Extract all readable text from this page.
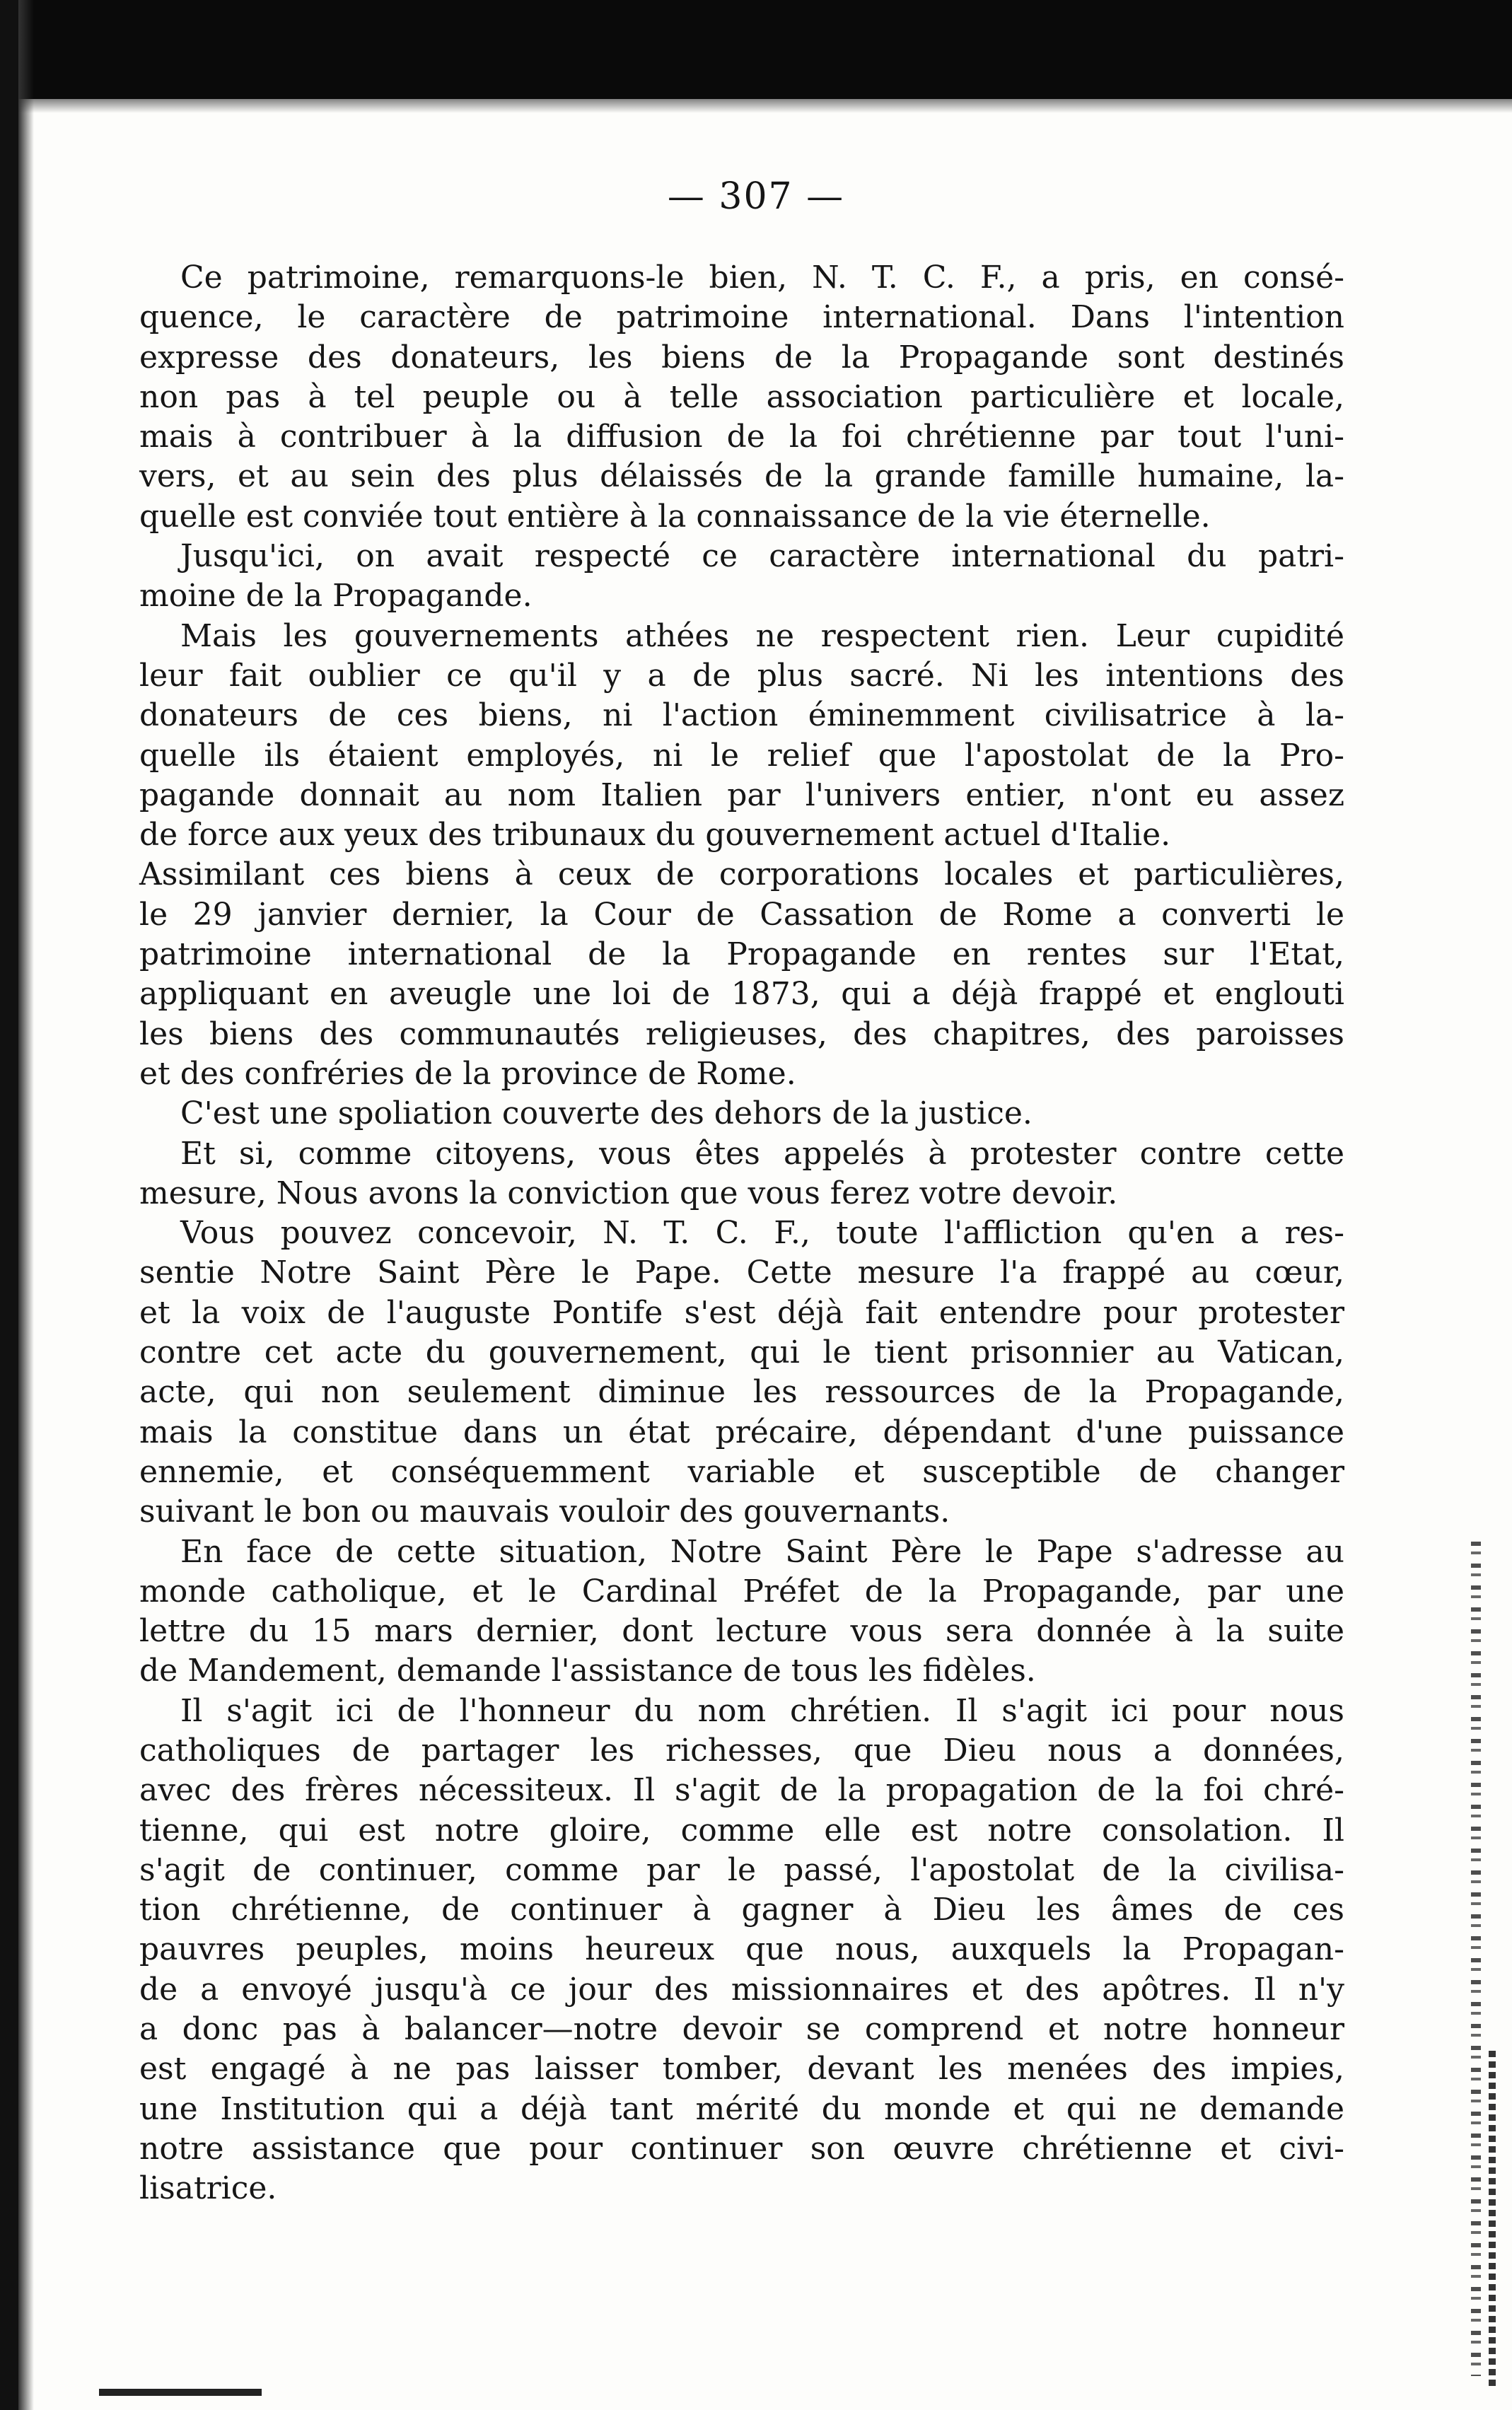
— 307 —
Ce patrimoine, remarquons-le bien, N. T. C. F., a pris, en consé-
quence, le caractère de patrimoine international. Dans l'intention
expresse des donateurs, les biens de la Propagande sont destinés
non pas à tel peuple ou à telle association particulière et locale,
mais à contribuer à la diffusion de la foi chrétienne par tout l'uni-
vers, et au sein des plus délaissés de la grande famille humaine, la-
quelle est conviée tout entière à la connaissance de la vie éternelle.
Jusqu'ici, on avait respecté ce caractère international du patri-
moine de la Propagande.
Mais les gouvernements athées ne respectent rien. Leur cupidité
leur fait oublier ce qu'il y a de plus sacré. Ni les intentions des
donateurs de ces biens, ni l'action éminemment civilisatrice à la-
quelle ils étaient employés, ni le relief que l'apostolat de la Pro-
pagande donnait au nom Italien par l'univers entier, n'ont eu assez
de force aux yeux des tribunaux du gouvernement actuel d'Italie.
Assimilant ces biens à ceux de corporations locales et particulières,
le 29 janvier dernier, la Cour de Cassation de Rome a converti le
patrimoine international de la Propagande en rentes sur l'Etat,
appliquant en aveugle une loi de 1873, qui a déjà frappé et englouti
les biens des communautés religieuses, des chapitres, des paroisses
et des confréries de la province de Rome.
C'est une spoliation couverte des dehors de la justice.
Et si, comme citoyens, vous êtes appelés à protester contre cette
mesure, Nous avons la conviction que vous ferez votre devoir.
Vous pouvez concevoir, N. T. C. F., toute l'affliction qu'en a res-
sentie Notre Saint Père le Pape. Cette mesure l'a frappé au cœur,
et la voix de l'auguste Pontife s'est déjà fait entendre pour protester
contre cet acte du gouvernement, qui le tient prisonnier au Vatican,
acte, qui non seulement diminue les ressources de la Propagande,
mais la constitue dans un état précaire, dépendant d'une puissance
ennemie, et conséquemment variable et susceptible de changer
suivant le bon ou mauvais vouloir des gouvernants.
En face de cette situation, Notre Saint Père le Pape s'adresse au
monde catholique, et le Cardinal Préfet de la Propagande, par une
lettre du 15 mars dernier, dont lecture vous sera donnée à la suite
de Mandement, demande l'assistance de tous les fidèles.
Il s'agit ici de l'honneur du nom chrétien. Il s'agit ici pour nous
catholiques de partager les richesses, que Dieu nous a données,
avec des frères nécessiteux. Il s'agit de la propagation de la foi chré-
tienne, qui est notre gloire, comme elle est notre consolation. Il
s'agit de continuer, comme par le passé, l'apostolat de la civilisa-
tion chrétienne, de continuer à gagner à Dieu les âmes de ces
pauvres peuples, moins heureux que nous, auxquels la Propagan-
de a envoyé jusqu'à ce jour des missionnaires et des apôtres. Il n'y
a donc pas à balancer—notre devoir se comprend et notre honneur
est engagé à ne pas laisser tomber, devant les menées des impies,
une Institution qui a déjà tant mérité du monde et qui ne demande
notre assistance que pour continuer son œuvre chrétienne et civi-
lisatrice.
